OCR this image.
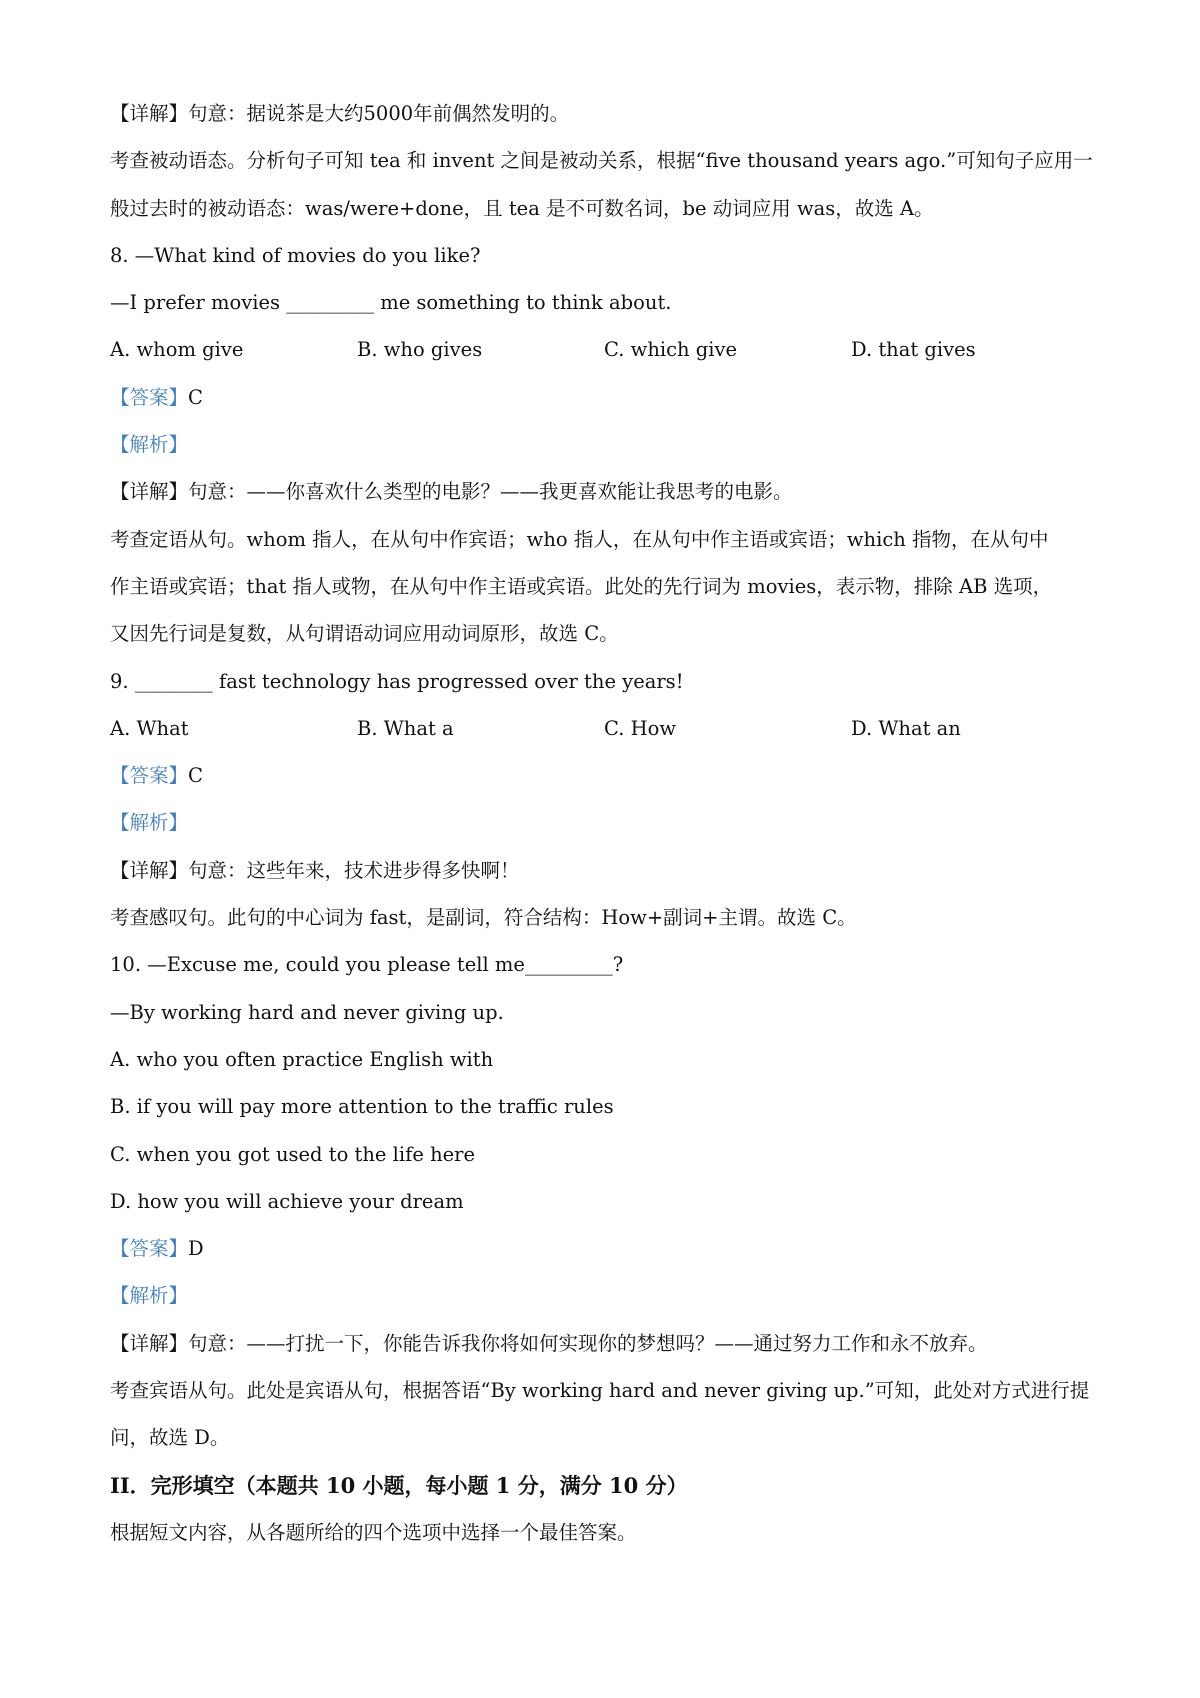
【详解】句意：据说茶是大约5000年前偶然发明的。
考查被动语态。分析句子可知 tea 和 invent 之间是被动关系，根据“five thousand years ago.”可知句子应用一
般过去时的被动语态：was/were+done，且 tea 是不可数名词，be 动词应用 was，故选 A。
8. —What kind of movies do you like?
—I prefer movies _________ me something to think about.
A. whom give	B. who gives	C. which give	D. that gives
【答案】C
【解析】
【详解】句意：——你喜欢什么类型的电影？——我更喜欢能让我思考的电影。
考查定语从句。whom 指人，在从句中作宾语；who 指人，在从句中作主语或宾语；which 指物，在从句中
作主语或宾语；that 指人或物，在从句中作主语或宾语。此处的先行词为 movies，表示物，排除 AB 选项，
又因先行词是复数，从句谓语动词应用动词原形，故选 C。
9. ________ fast technology has progressed over the years!
A. What	B. What a	C. How	D. What an
【答案】C
【解析】
【详解】句意：这些年来，技术进步得多快啊！
考查感叹句。此句的中心词为 fast，是副词，符合结构：How+副词+主谓。故选 C。
10. —Excuse me, could you please tell me_________?
—By working hard and never giving up.
A. who you often practice English with
B. if you will pay more attention to the traffic rules
C. when you got used to the life here
D. how you will achieve your dream
【答案】D
【解析】
【详解】句意：——打扰一下，你能告诉我你将如何实现你的梦想吗？——通过努力工作和永不放弃。
考查宾语从句。此处是宾语从句，根据答语“By working hard and never giving up.”可知，此处对方式进行提
问，故选 D。
II．完形填空（本题共 10 小题，每小题 1 分，满分 10 分）
根据短文内容，从各题所给的四个选项中选择一个最佳答案。
